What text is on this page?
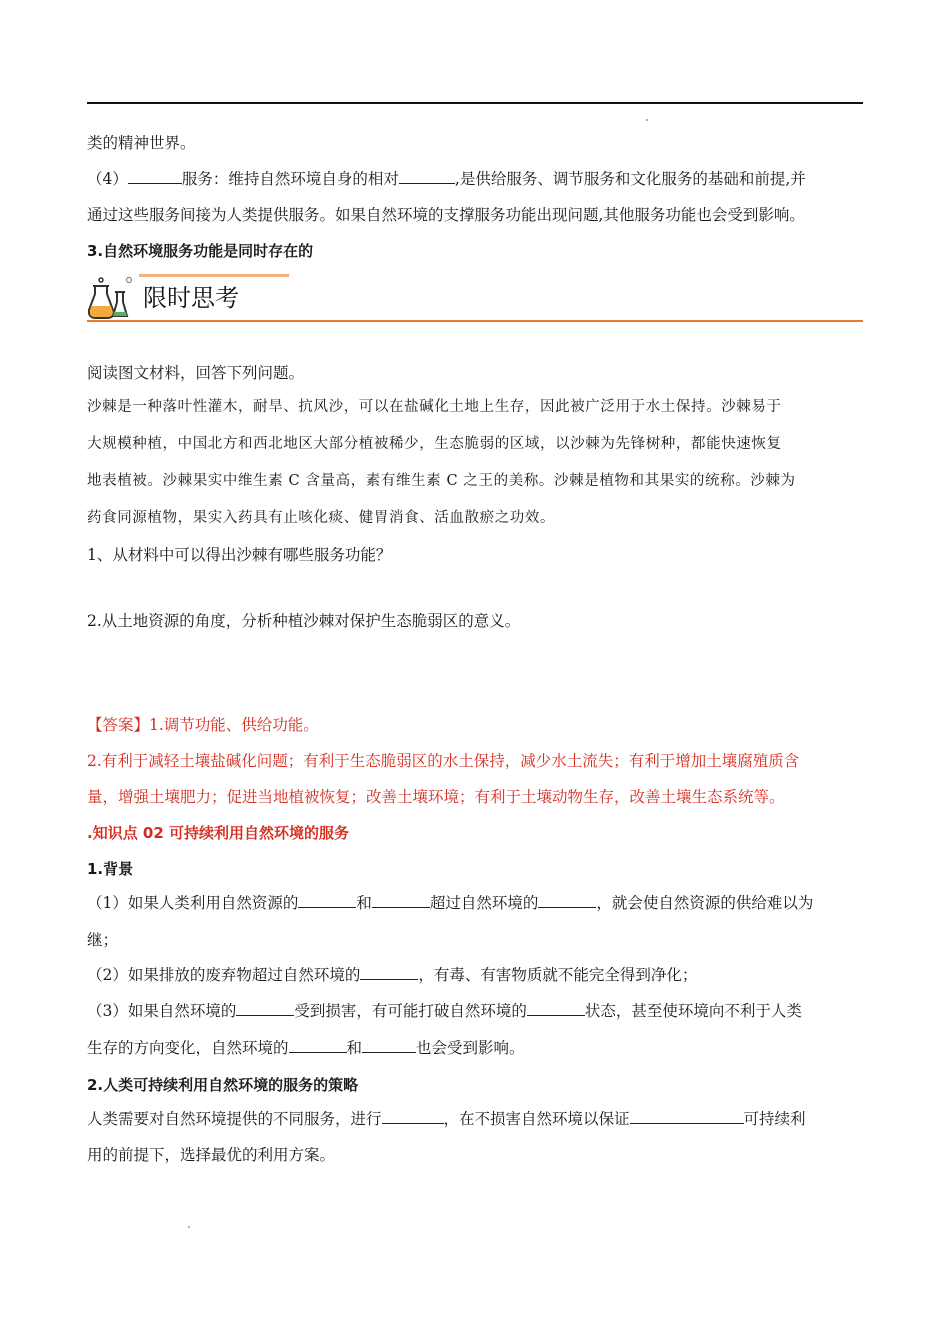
类的精神世界。
（4）	服务：维持自然环境自身的相对	,是供给服务、调节服务和文化服务的基础和前提,并
通过这些服务间接为人类提供服务。如果自然环境的支撑服务功能出现问题,其他服务功能也会受到影响。
3.自然环境服务功能是同时存在的
限时思考
阅读图文材料，回答下列问题。
沙棘是一种落叶性灌木，耐旱、抗风沙，可以在盐碱化土地上生存，因此被广泛用于水土保持。沙棘易于
大规模种植，中国北方和西北地区大部分植被稀少，生态脆弱的区域，以沙棘为先锋树种，都能快速恢复
地表植被。沙棘果实中维生素 C 含量高，素有维生素 C 之王的美称。沙棘是植物和其果实的统称。沙棘为
药食同源植物，果实入药具有止咳化痰、健胃消食、活血散瘀之功效。
1、从材料中可以得出沙棘有哪些服务功能？
2.从土地资源的角度，分析种植沙棘对保护生态脆弱区的意义。
【答案】1.调节功能、供给功能。
2.有利于减轻土壤盐碱化问题；有利于生态脆弱区的水土保持，减少水土流失；有利于增加土壤腐殖质含
量，增强土壤肥力；促进当地植被恢复；改善土壤环境；有利于土壤动物生存，改善土壤生态系统等。
.知识点 02 可持续利用自然环境的服务
1.背景
（1）如果人类利用自然资源的	和	超过自然环境的	，就会使自然资源的供给难以为
继；
（2）如果排放的废弃物超过自然环境的	，有毒、有害物质就不能完全得到净化；
（3）如果自然环境的	受到损害，有可能打破自然环境的	状态，甚至使环境向不利于人类
生存的方向变化，自然环境的	和	也会受到影响。
2.人类可持续利用自然环境的服务的策略
人类需要对自然环境提供的不同服务，进行	，在不损害自然环境以保证	可持续利
用的前提下，选择最优的利用方案。
